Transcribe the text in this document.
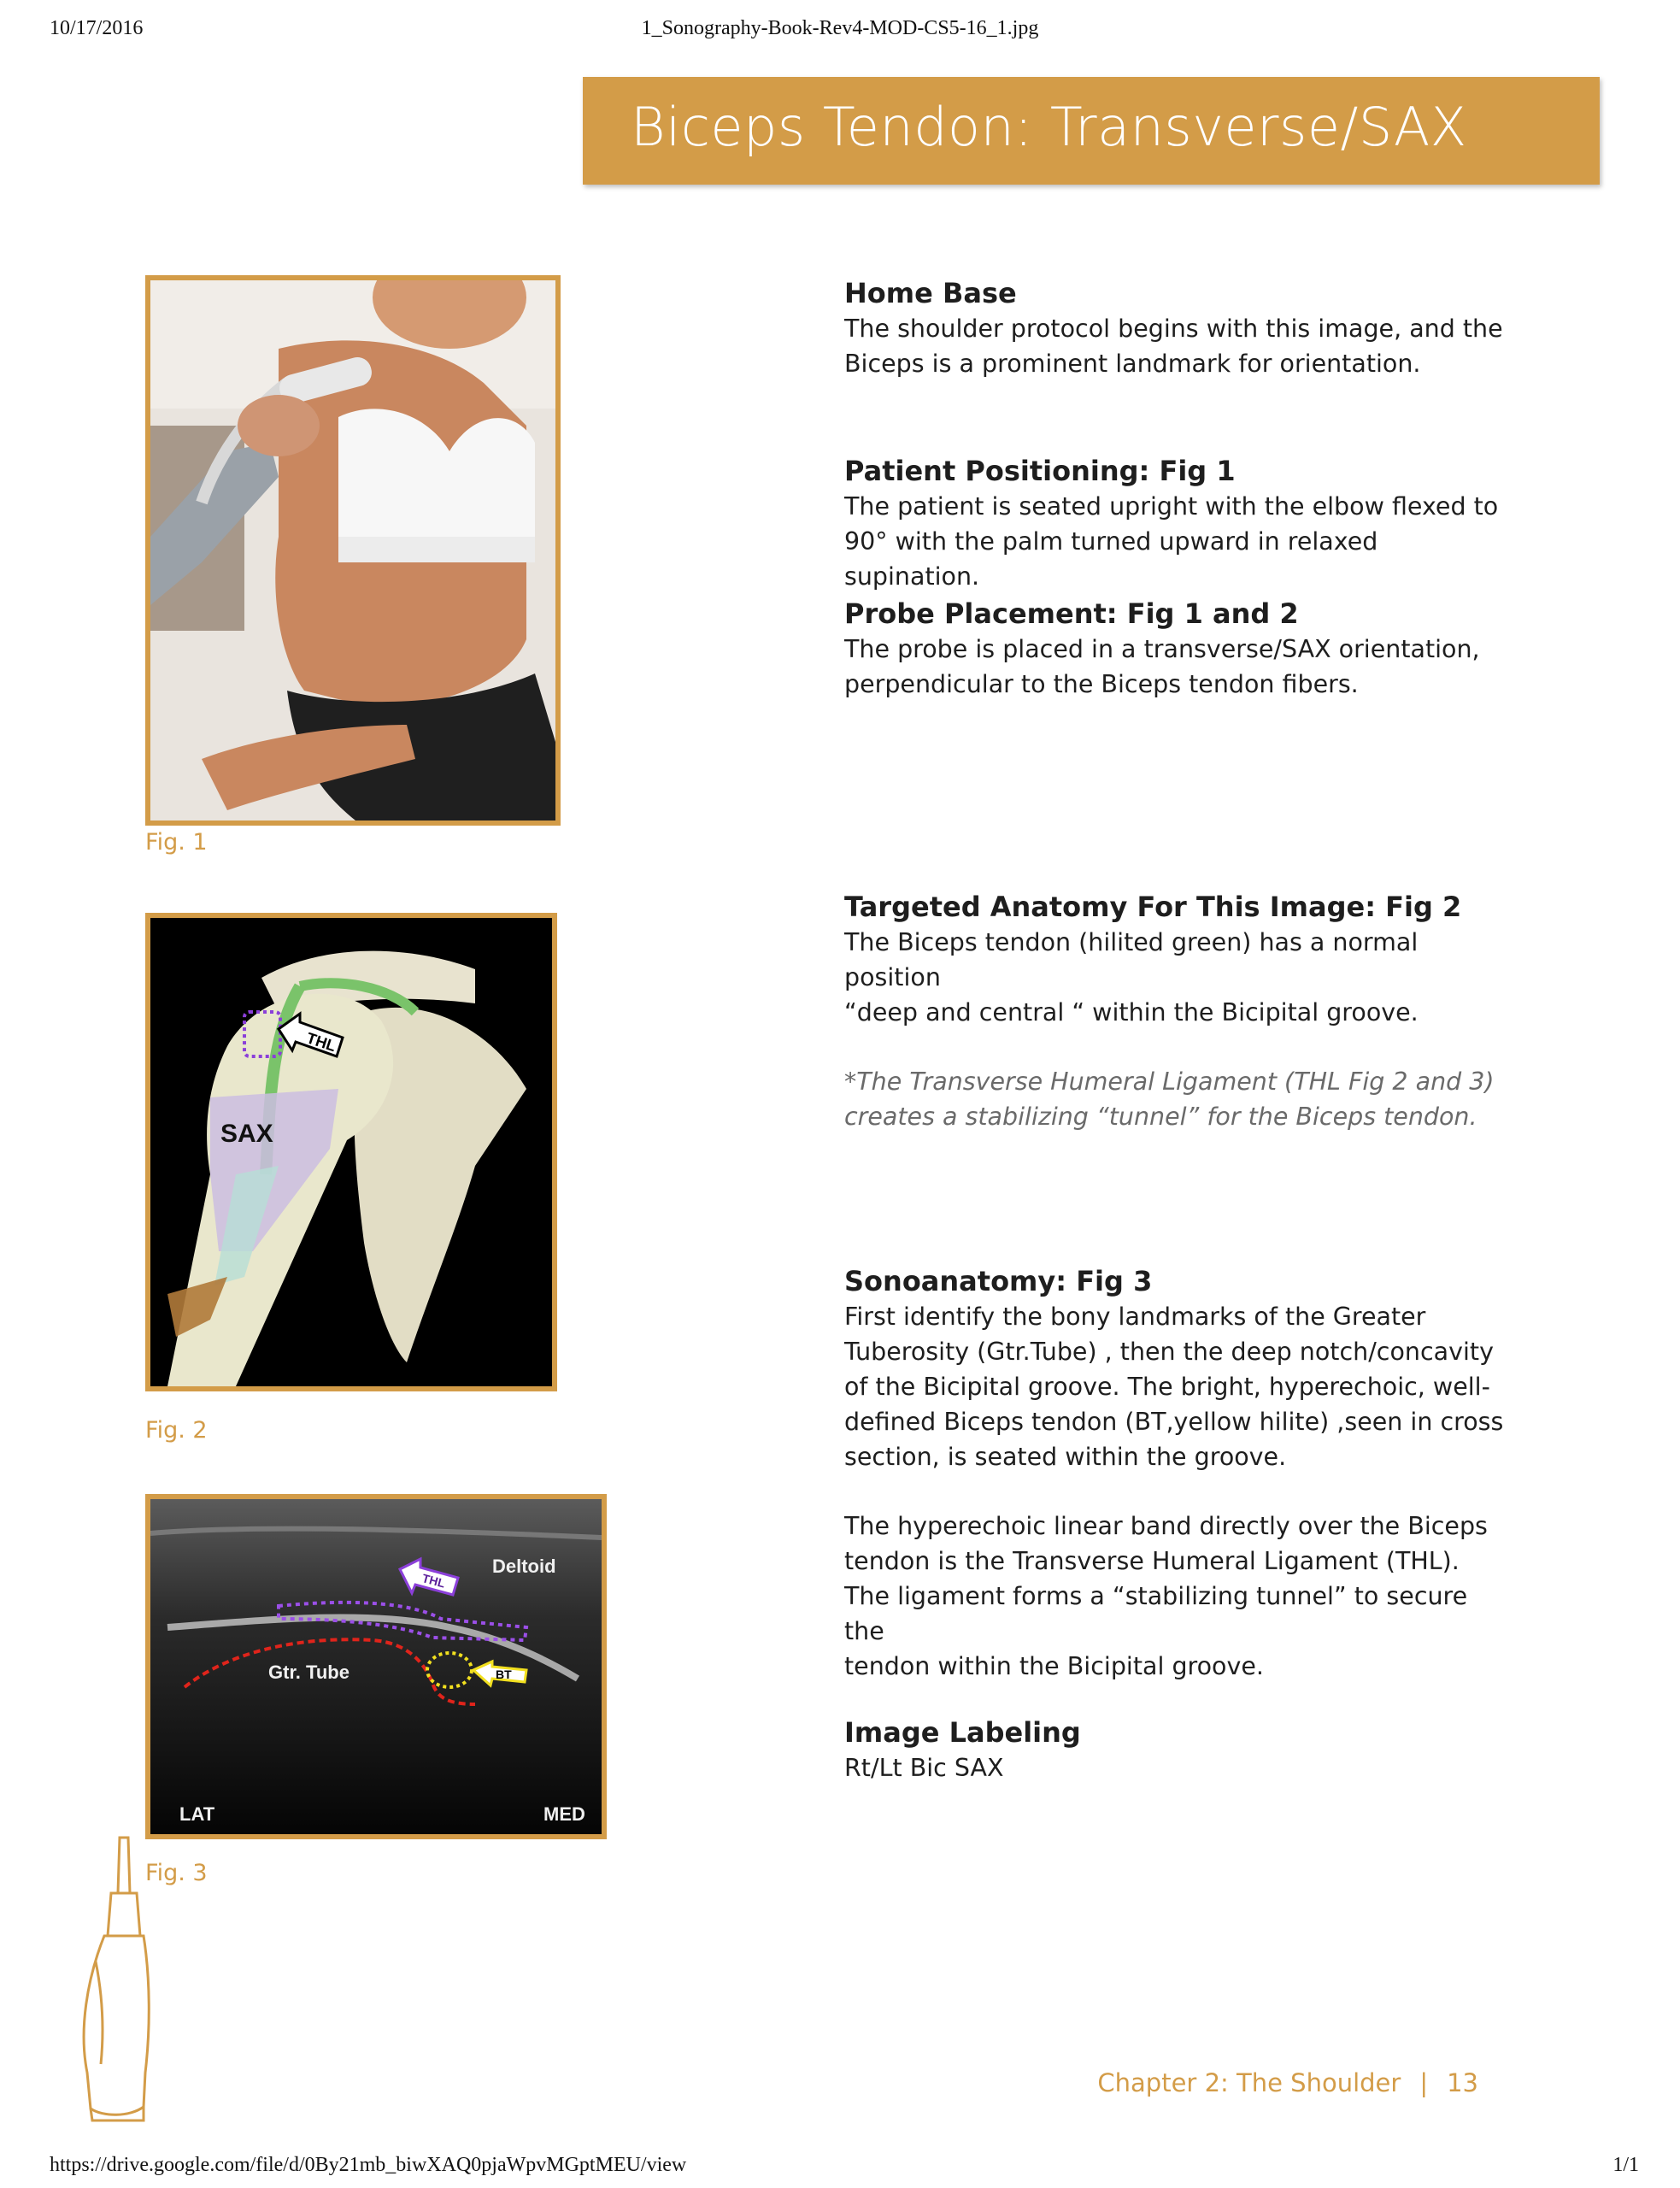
10/17/2016	1_Sonography-Book-Rev4-MOD-CS5-16_1.jpg
Biceps Tendon: Transverse/SAX
Fig. 1
THL
SAX
Fig. 2
THL
BT
Deltoid
Gtr. Tube
LAT	MED
Fig. 3
Home Base

The shoulder protocol begins with this image, and the

Biceps is a prominent landmark for orientation.

Patient Positioning: Fig 1

The patient is seated upright with the elbow flexed to

90° with the palm turned upward in relaxed supination.

Probe Placement: Fig 1 and 2

The probe is placed in a transverse/SAX orientation,

perpendicular to the Biceps tendon fibers.

Targeted Anatomy For This Image: Fig 2

The Biceps tendon (hilited green) has a normal position

“deep and central “ within the Bicipital groove.

*The Transverse Humeral Ligament (THL Fig 2 and 3)

creates a stabilizing “tunnel” for the Biceps tendon.

Sonoanatomy: Fig 3

First identify the bony landmarks of the Greater

Tuberosity (Gtr.Tube) , then the deep notch/concavity

of the Bicipital groove. The bright, hyperechoic, well-

defined Biceps tendon (BT,yellow hilite) ,seen in cross

section, is seated within the groove.

The hyperechoic linear band directly over the Biceps

tendon is the Transverse Humeral Ligament (THL).

The ligament forms a “stabilizing tunnel” to secure the

tendon within the Bicipital groove.

Image Labeling

Rt/Lt Bic SAX

Chapter 2: The Shoulder | 13
https://drive.google.com/file/d/0By21mb_biwXAQ0pjaWpvMGptMEU/view	1/1
